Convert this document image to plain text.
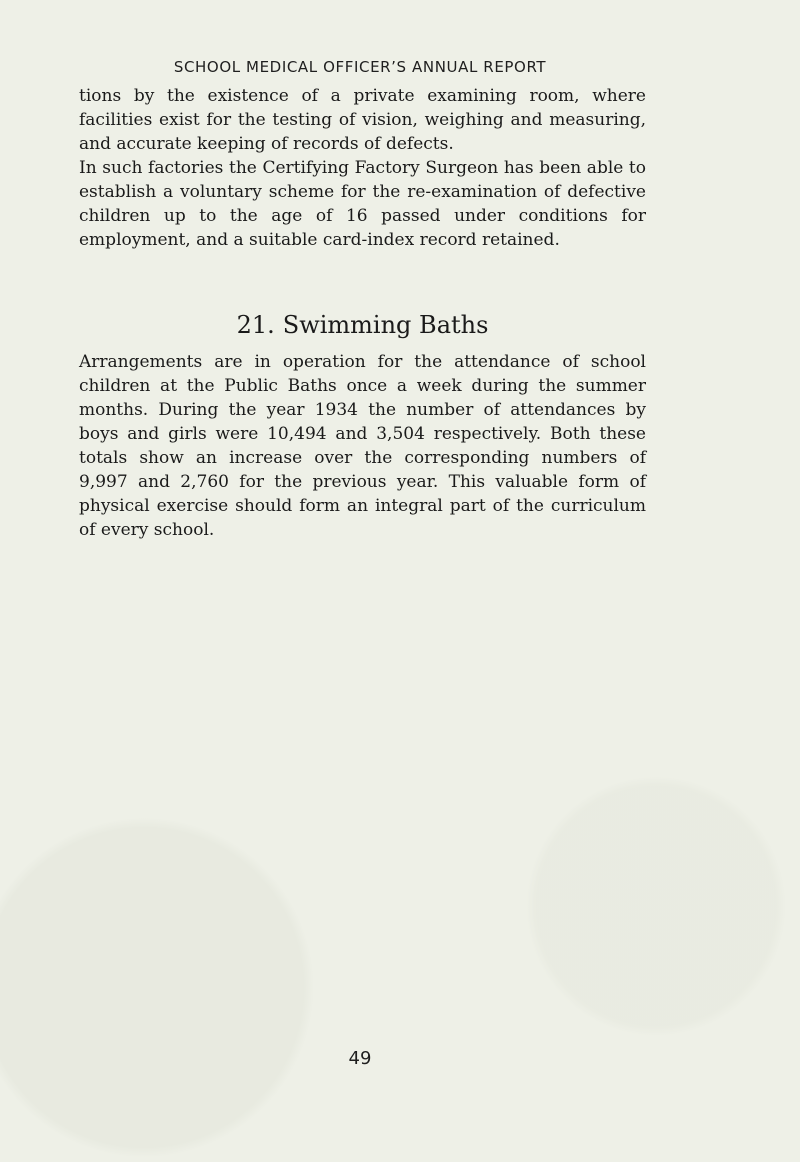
SCHOOL MEDICAL OFFICER’S ANNUAL REPORT

tions by the existence of a private examining room, where facilities exist for the testing of vision, weighing and measuring, and accurate keeping of records of defects.

In such factories the Certifying Factory Surgeon has been able to establish a voluntary scheme for the re-examination of defective children up to the age of 16 passed under conditions for employment, and a suitable card-index record retained.

21. Swimming Baths

Arrangements are in operation for the attendance of school children at the Public Baths once a week during the summer months. During the year 1934 the number of attendances by boys and girls were 10,494 and 3,504 respectively. Both these totals show an increase over the corresponding numbers of 9,997 and 2,760 for the previous year. This valuable form of physical exercise should form an integral part of the curriculum of every school.

49
